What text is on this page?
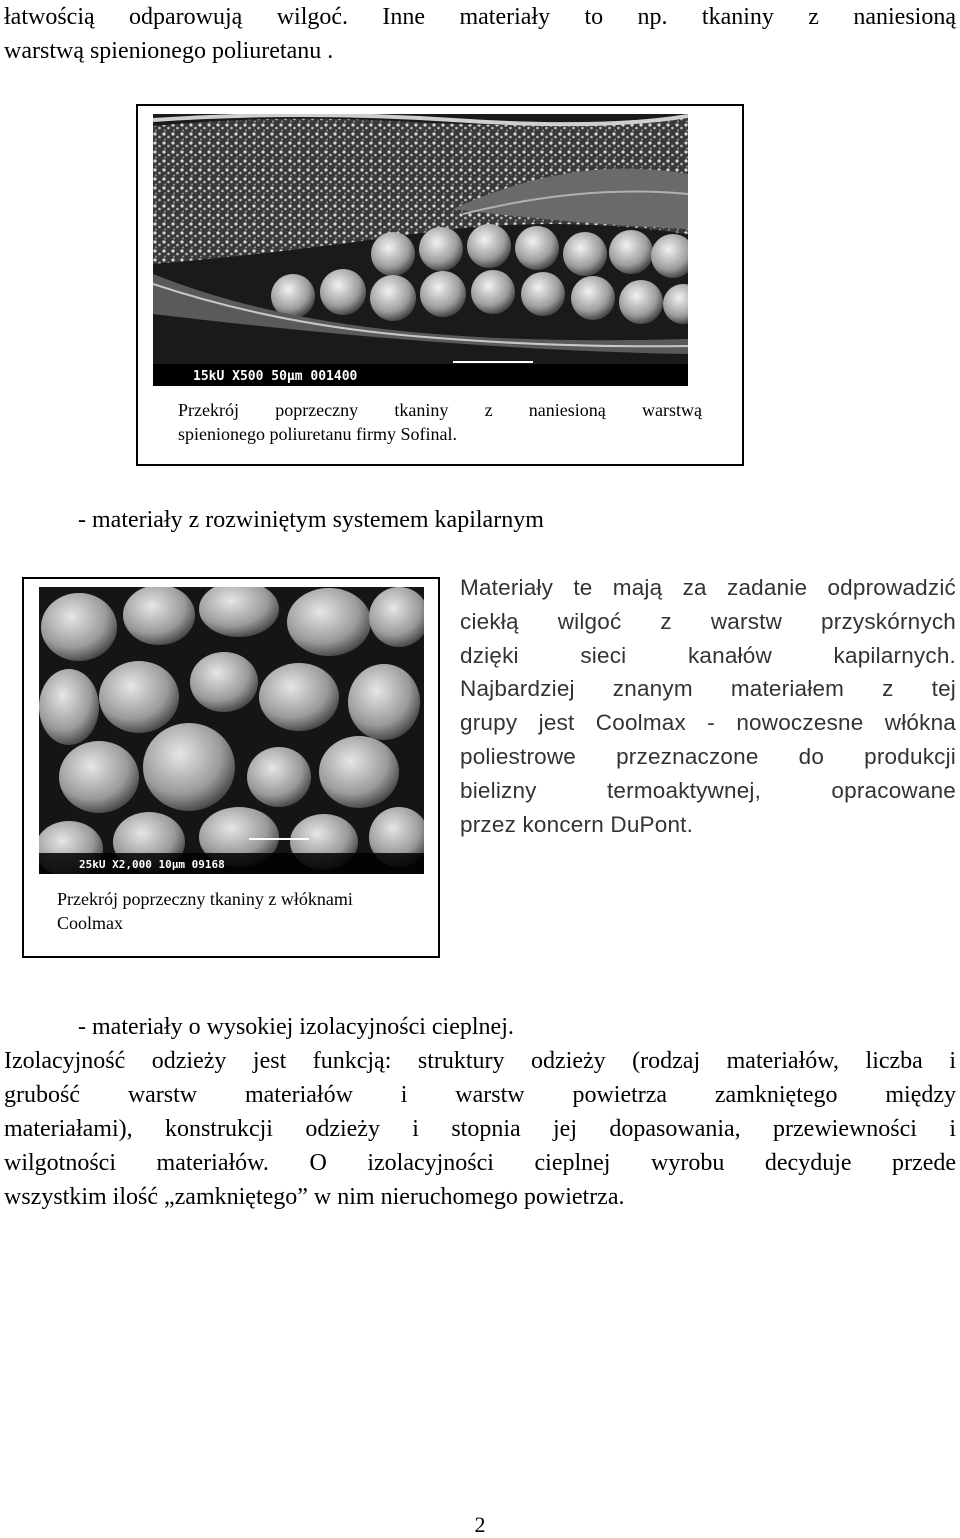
łatwością odparowują wilgoć. Inne materiały to np. tkaniny z naniesioną
warstwą spienionego poliuretanu .
15kU X500 50µm 001400
Przekrój poprzeczny tkaniny z naniesioną warstwą
spienionego poliuretanu firmy Sofinal.

- materiały z rozwiniętym systemem kapilarnym

25kU X2,000 10µm 09168
Przekrój poprzeczny tkaniny z włóknami
Coolmax
Materiały te mają za zadanie odprowadzić
ciekłą wilgoć z warstw przyskórnych
dzięki sieci kanałów kapilarnych.
Najbardziej znanym materiałem z tej
grupy jest Coolmax - nowoczesne włókna
poliestrowe przeznaczone do produkcji
bielizny termoaktywnej, opracowane
przez koncern DuPont.

- materiały o wysokiej izolacyjności cieplnej.

Izolacyjność odzieży jest funkcją: struktury odzieży (rodzaj materiałów, liczba i
grubość warstw materiałów i warstw powietrza zamkniętego między
materiałami), konstrukcji odzieży i stopnia jej dopasowania, przewiewności i
wilgotności materiałów. O izolacyjności cieplnej wyrobu decyduje przede
wszystkim ilość „zamkniętego” w nim nieruchomego powietrza.
2
